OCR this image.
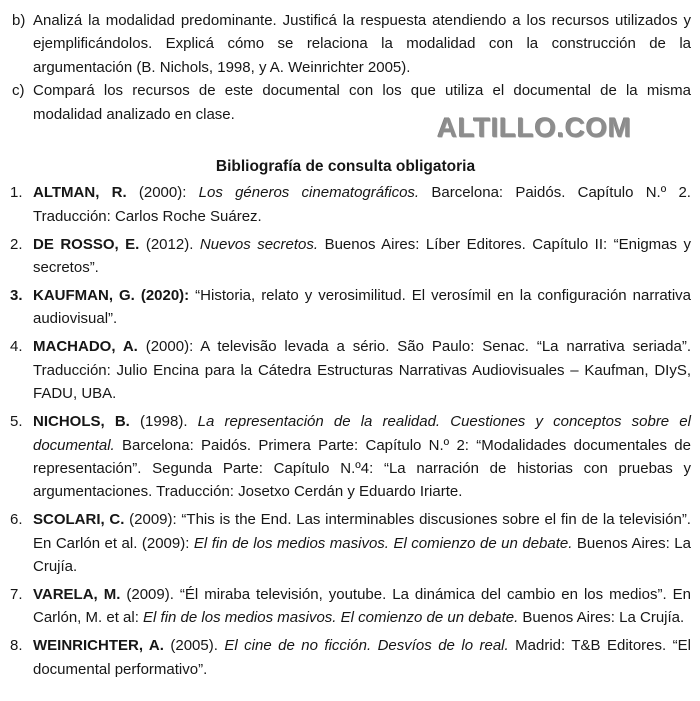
b) Analizá la modalidad predominante. Justificá la respuesta atendiendo a los recursos utilizados y ejemplificándolos. Explicá cómo se relaciona la modalidad con la construcción de la argumentación (B. Nichols, 1998, y A. Weinrichter 2005).
c) Compará los recursos de este documental con los que utiliza el documental de la misma modalidad analizado en clase.
Bibliografía de consulta obligatoria
1. ALTMAN, R. (2000): Los géneros cinematográficos. Barcelona: Paidós. Capítulo N.º 2. Traducción: Carlos Roche Suárez.
2. DE ROSSO, E. (2012). Nuevos secretos. Buenos Aires: Líber Editores. Capítulo II: “Enigmas y secretos”.
3. KAUFMAN, G. (2020): “Historia, relato y verosimilitud. El verosímil en la configuración narrativa audiovisual”.
4. MACHADO, A. (2000): A televisão levada a sério. São Paulo: Senac. “La narrativa seriada”. Traducción: Julio Encina para la Cátedra Estructuras Narrativas Audiovisuales – Kaufman, DIyS, FADU, UBA.
5. NICHOLS, B. (1998). La representación de la realidad. Cuestiones y conceptos sobre el documental. Barcelona: Paidós. Primera Parte: Capítulo N.º 2: “Modalidades documentales de representación”. Segunda Parte: Capítulo N.º4: “La narración de historias con pruebas y argumentaciones. Traducción: Josetxo Cerdán y Eduardo Iriarte.
6. SCOLARI, C. (2009): “This is the End. Las interminables discusiones sobre el fin de la televisión”. En Carlón et al. (2009): El fin de los medios masivos. El comienzo de un debate. Buenos Aires: La Crujía.
7. VARELA, M. (2009). “Él miraba televisión, youtube. La dinámica del cambio en los medios”. En Carlón, M. et al: El fin de los medios masivos. El comienzo de un debate. Buenos Aires: La Crujía.
8. WEINRICHTER, A. (2005). El cine de no ficción. Desvíos de lo real. Madrid: T&B Editores. “El documental performativo”.
ALTILLO.COM
